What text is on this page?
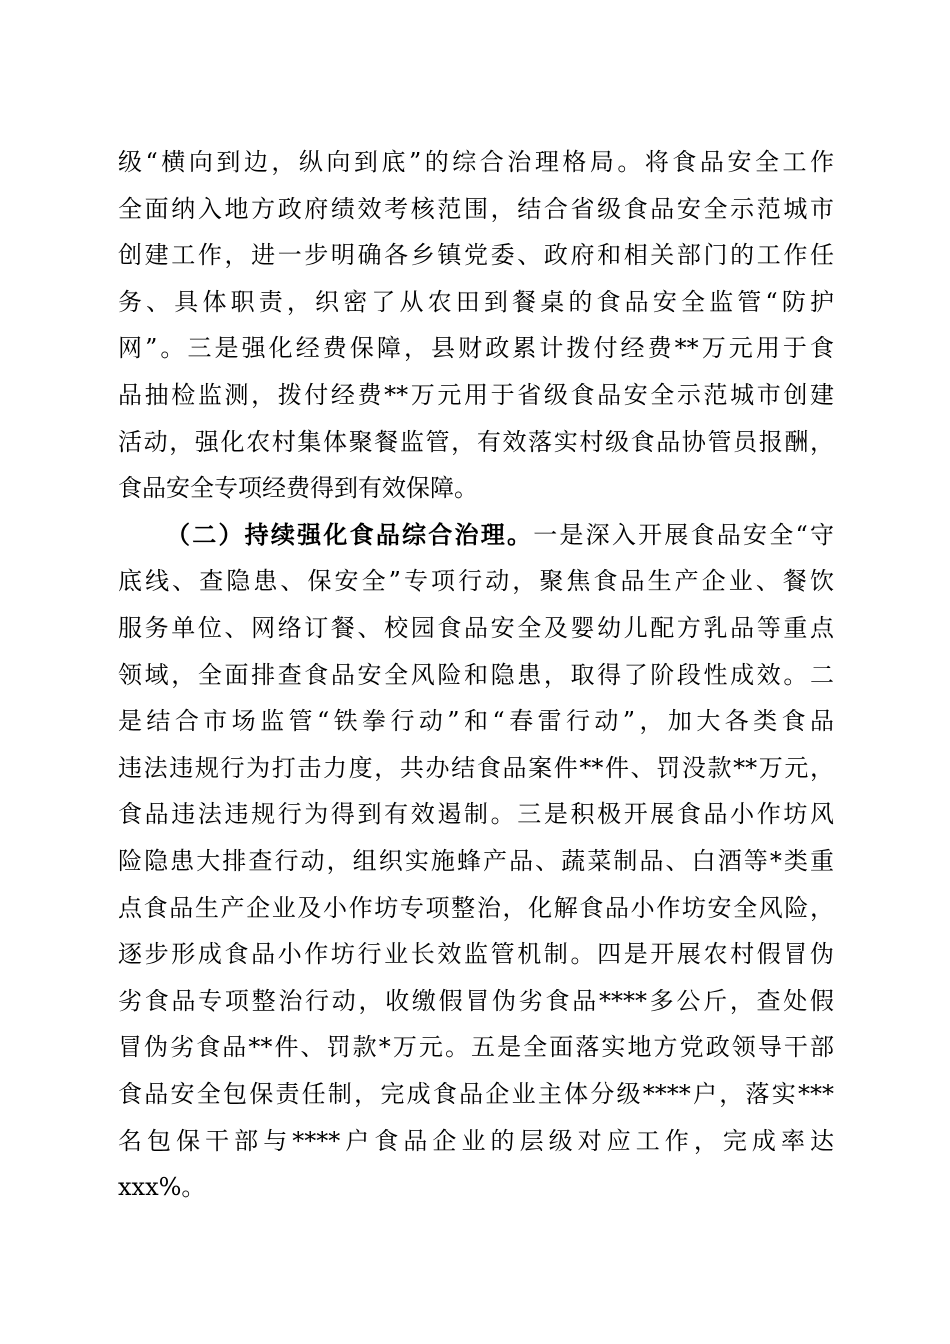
级“横向到边，纵向到底”的综合治理格局。将食品安全工作
全面纳入地方政府绩效考核范围，结合省级食品安全示范城市
创建工作，进一步明确各乡镇党委、政府和相关部门的工作任
务、具体职责，织密了从农田到餐桌的食品安全监管“防护
网”。三是强化经费保障，县财政累计拨付经费**万元用于食
品抽检监测，拨付经费**万元用于省级食品安全示范城市创建
活动，强化农村集体聚餐监管，有效落实村级食品协管员报酬，
食品安全专项经费得到有效保障。
（二）持续强化食品综合治理。一是深入开展食品安全“守
底线、查隐患、保安全”专项行动，聚焦食品生产企业、餐饮
服务单位、网络订餐、校园食品安全及婴幼儿配方乳品等重点
领域，全面排查食品安全风险和隐患，取得了阶段性成效。二
是结合市场监管“铁拳行动”和“春雷行动”，加大各类食品
违法违规行为打击力度，共办结食品案件**件、罚没款**万元，
食品违法违规行为得到有效遏制。三是积极开展食品小作坊风
险隐患大排查行动，组织实施蜂产品、蔬菜制品、白酒等*类重
点食品生产企业及小作坊专项整治，化解食品小作坊安全风险，
逐步形成食品小作坊行业长效监管机制。四是开展农村假冒伪
劣食品专项整治行动，收缴假冒伪劣食品****多公斤，查处假
冒伪劣食品**件、罚款*万元。五是全面落实地方党政领导干部
食品安全包保责任制，完成食品企业主体分级****户，落实***
名包保干部与****户食品企业的层级对应工作，完成率达
xxx%。
